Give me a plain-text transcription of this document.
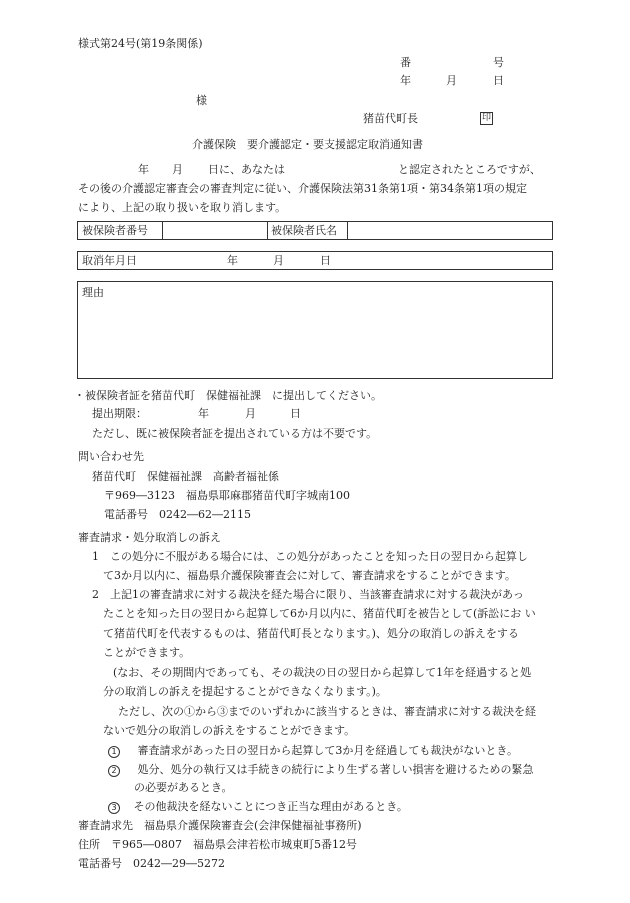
様式第24号(第19条関係)
番	号
年	月	日
様
猪苗代町長	印
介護保険　要介護認定・要支援認定取消通知書
年 月 日に、あなたは	と認定されたところですが、
その後の介護認定審査会の審査判定に従い、介護保険法第31条第1項・第34条第1項の規定
により、上記の取り扱いを取り消します。
被保険者番号	被保険者氏名
取消年月日	年	月	日
理由
・被保険者証を猪苗代町　保健福祉課　に提出してください。
提出期限：	年	月	日
ただし、既に被保険者証を提出されている方は不要です。
問い合わせ先
猪苗代町　保健福祉課　高齢者福祉係
〒969―3123　福島県耶麻郡猪苗代町字城南100
電話番号　0242―62―2115
審査請求・処分取消しの訴え
1　この処分に不服がある場合には、この処分があったことを知った日の翌日から起算し
て3か月以内に、福島県介護保険審査会に対して、審査請求をすることができます。
2　上記1の審査請求に対する裁決を経た場合に限り、当該審査請求に対する裁決があっ
たことを知った日の翌日から起算して6か月以内に、猪苗代町を被告として(訴訟にお い
て猪苗代町を代表するものは、猪苗代町長となります。)、処分の取消しの訴えをする
ことができます。
(なお、その期間内であっても、その裁決の日の翌日から起算して1年を経過すると処
分の取消しの訴えを提起することができなくなります。)。
ただし、次の①から③までのいずれかに該当するときは、審査請求に対する裁決を経
ないで処分の取消しの訴えをすることができます。
1 審査請求があった日の翌日から起算して3か月を経過しても裁決がないとき。
2 処分、処分の執行又は手続きの続行により生ずる著しい損害を避けるための緊急
の必要があるとき。
3 その他裁決を経ないことにつき正当な理由があるとき。
審査請求先　福島県介護保険審査会(会津保健福祉事務所)
住所　〒965―0807　福島県会津若松市城東町5番12号
電話番号　0242―29―5272
